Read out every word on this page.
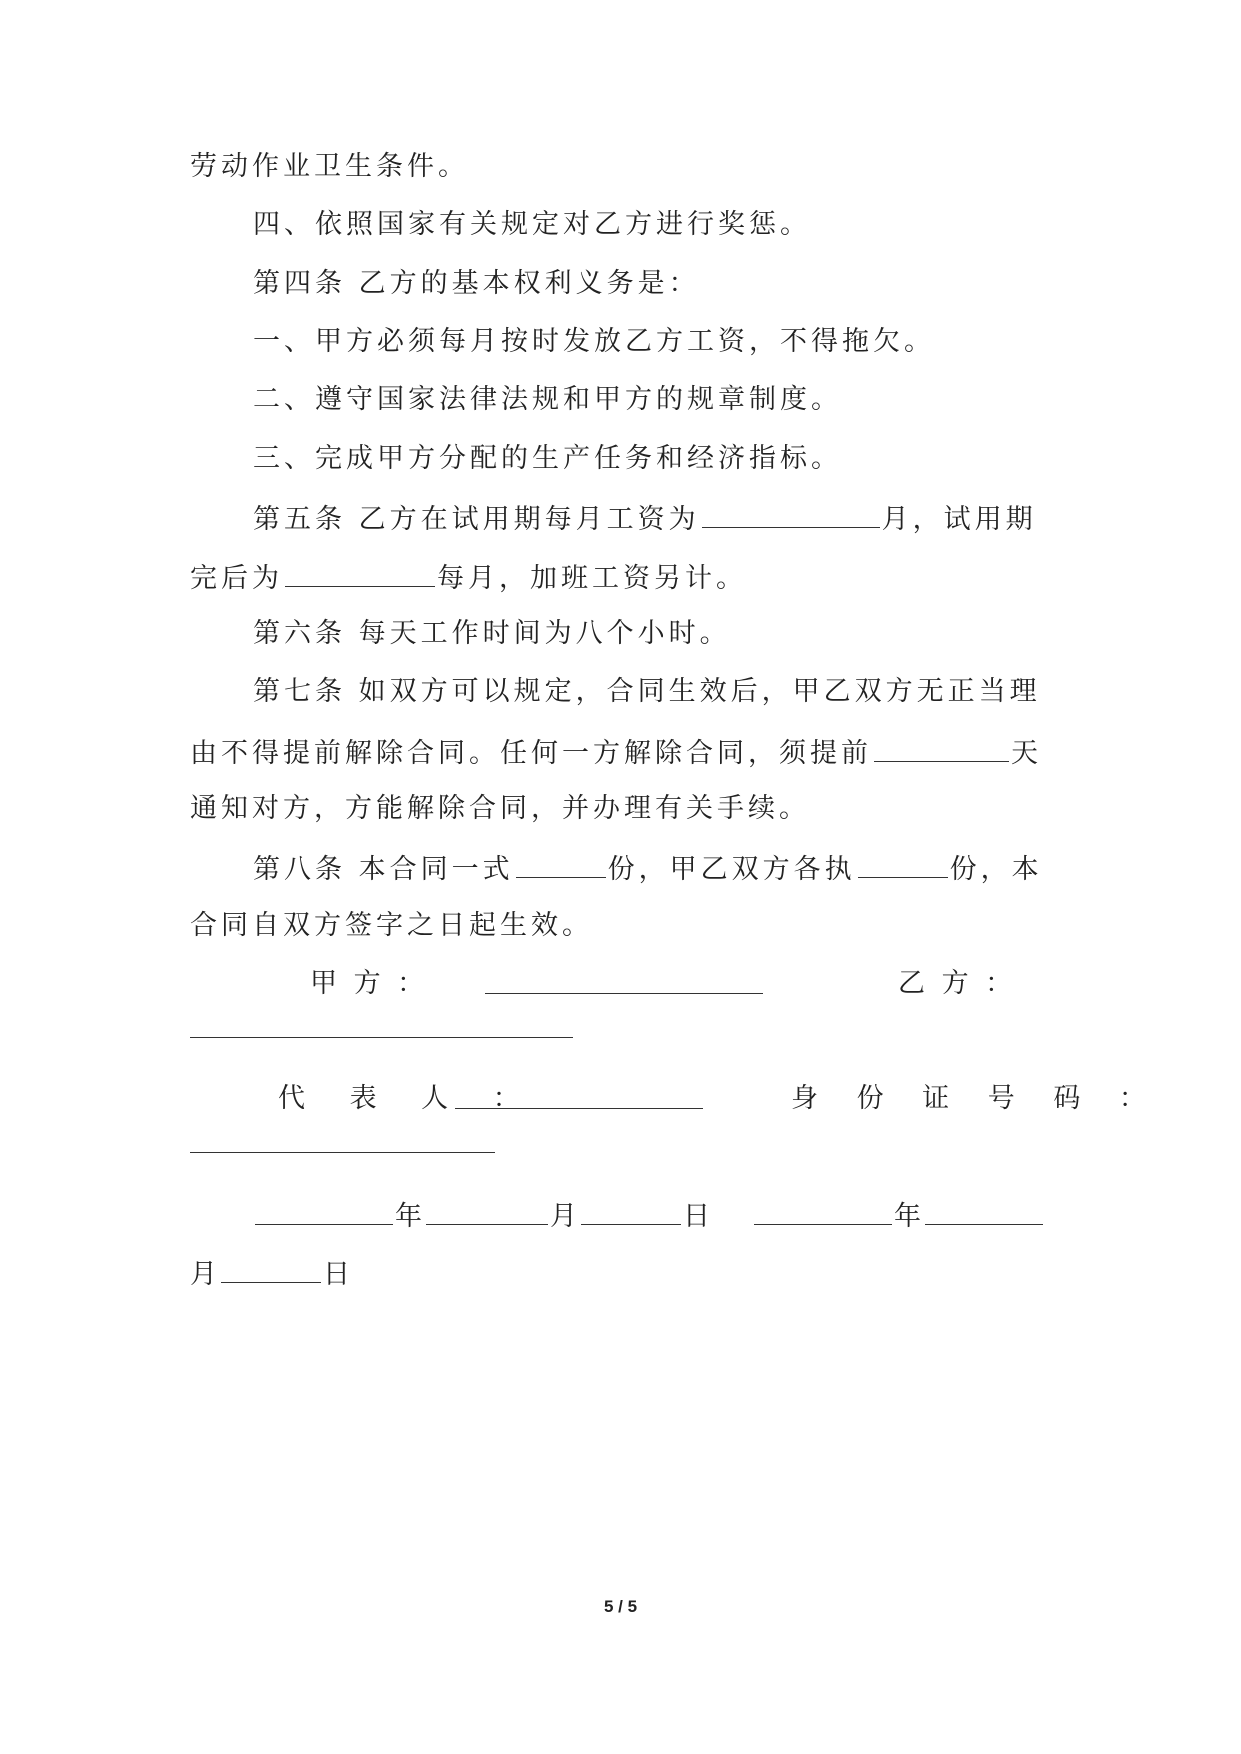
劳动作业卫生条件。
四、依照国家有关规定对乙方进行奖惩。
第四条 乙方的基本权利义务是：
一、甲方必须每月按时发放乙方工资，不得拖欠。
二、遵守国家法律法规和甲方的规章制度。
三、完成甲方分配的生产任务和经济指标。
第五条 乙方在试用期每月工资为	月，试用期
完后为	每月，加班工资另计。
第六条 每天工作时间为八个小时。
第七条 如双方可以规定，合同生效后，甲乙双方无正当理
由不得提前解除合同。任何一方解除合同，须提前	天
通知对方，方能解除合同，并办理有关手续。
第八条 本合同一式	份，甲乙双方各执	份，本
合同自双方签字之日起生效。
甲 方 ：	乙 方 ：
代 表 人 ：	身 份 证 号 码 ：
年	月	日	年
月	日
5 / 5
